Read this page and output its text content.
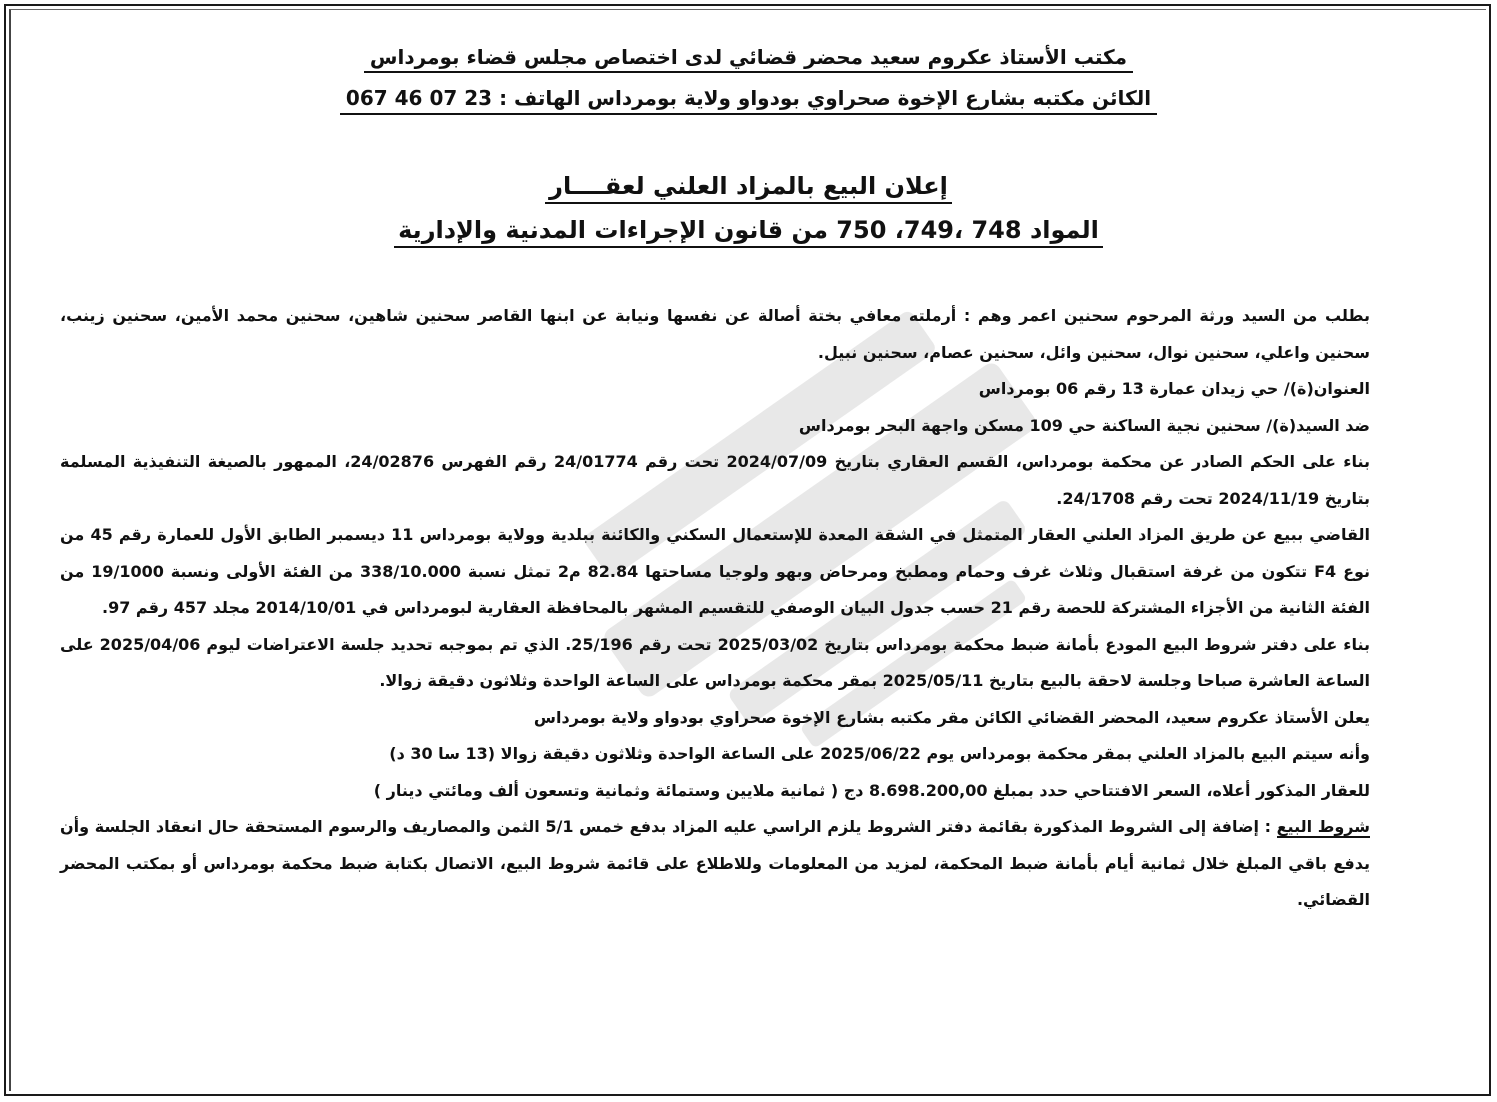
مكتب الأستاذ عكروم سعيد محضر قضائي لدى اختصاص مجلس قضاء بومرداس
الكائن مكتبه بشارع الإخوة صحراوي بودواو ولاية بومرداس الهاتف : 23 07 46 067
إعلان البيع بالمزاد العلني لعقــــار
المواد 748 ،749، 750 من قانون الإجراءات المدنية والإدارية

بطلب من السيد ورثة المرحوم سحنين اعمر وهم : أرملته معافي بختة أصالة عن نفسها ونيابة عن ابنها القاصر سحنين شاهين، سحنين محمد الأمين، سحنين زينب، سحنين واعلي، سحنين نوال، سحنين وائل، سحنين عصام، سحنين نبيل.

العنوان(ة)/ حي زيدان عمارة 13 رقم 06 بومرداس

ضد السيد(ة)/ سحنين نجية الساكنة حي 109 مسكن واجهة البحر بومرداس

بناء على الحكم الصادر عن محكمة بومرداس، القسم العقاري بتاريخ 2024/07/09 تحت رقم 24/01774 رقم الفهرس 24/02876، الممهور بالصيغة التنفيذية المسلمة بتاريخ 2024/11/19 تحت رقم 24/1708.

القاضي ببيع عن طريق المزاد العلني العقار المتمثل في الشقة المعدة للإستعمال السكني والكائنة ببلدية وولاية بومرداس 11 ديسمبر الطابق الأول للعمارة رقم 45 من نوع F4 تتكون من غرفة استقبال وثلاث غرف وحمام ومطبخ ومرحاض وبهو ولوجيا مساحتها 82.84 م2 تمثل نسبة 338/10.000 من الفئة الأولى ونسبة 19/1000 من الفئة الثانية من الأجزاء المشتركة للحصة رقم 21 حسب جدول البيان الوصفي للتقسيم المشهر بالمحافظة العقارية لبومرداس في 2014/10/01 مجلد 457 رقم 97.

بناء على دفتر شروط البيع المودع بأمانة ضبط محكمة بومرداس بتاريخ 2025/03/02 تحت رقم 25/196. الذي تم بموجبه تحديد جلسة الاعتراضات ليوم 2025/04/06 على الساعة العاشرة صباحا وجلسة لاحقة بالبيع بتاريخ 2025/05/11 بمقر محكمة بومرداس على الساعة الواحدة وثلاثون دقيقة زوالا.

يعلن الأستاذ عكروم سعيد، المحضر القضائي الكائن مقر مكتبه بشارع الإخوة صحراوي بودواو ولاية بومرداس

وأنه سيتم البيع بالمزاد العلني بمقر محكمة بومرداس يوم 2025/06/22 على الساعة الواحدة وثلاثون دقيقة زوالا (13 سا 30 د)

للعقار المذكور أعلاه، السعر الافتتاحي حدد بمبلغ 8.698.200,00 دج ( ثمانية ملايين وستمائة وثمانية وتسعون ألف ومائتي دينار )

شروط البيع : إضافة إلى الشروط المذكورة بقائمة دفتر الشروط يلزم الراسي عليه المزاد بدفع خمس 5/1 الثمن والمصاريف والرسوم المستحقة حال انعقاد الجلسة وأن يدفع باقي المبلغ خلال ثمانية أيام بأمانة ضبط المحكمة، لمزيد من المعلومات وللاطلاع على قائمة شروط البيع، الاتصال بكتابة ضبط محكمة بومرداس أو بمكتب المحضر القضائي.
